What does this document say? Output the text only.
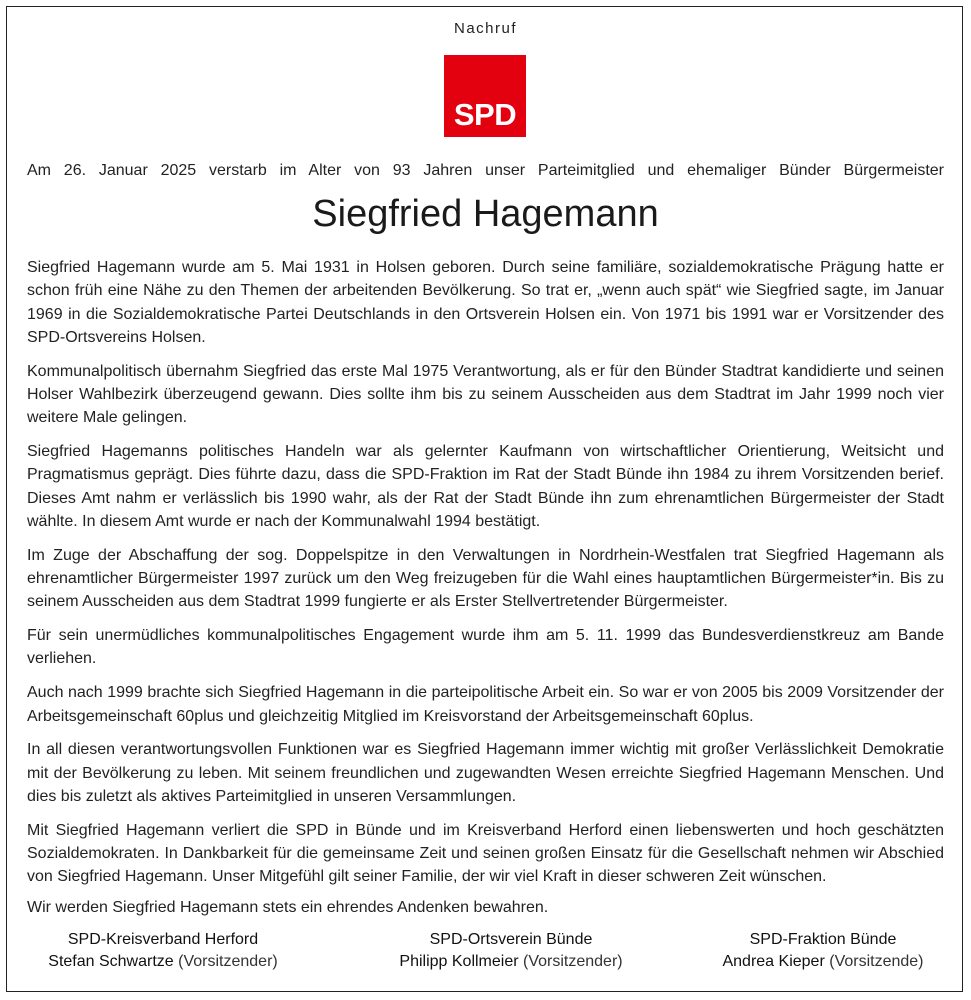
Nachruf
SPD
Am 26. Januar 2025 verstarb im Alter von 93 Jahren unser Parteimitglied und ehemaliger Bünder Bürgermeister
Siegfried Hagemann

Siegfried Hagemann wurde am 5. Mai 1931 in Holsen geboren. Durch seine familiäre, sozialdemokratische Prägung hatte er schon früh eine Nähe zu den Themen der arbeitenden Bevölkerung. So trat er, „wenn auch spät“ wie Siegfried sagte, im Januar 1969 in die Sozialdemokratische Partei Deutschlands in den Ortsverein Holsen ein. Von 1971 bis 1991 war er Vorsitzender des SPD-Ortsvereins Holsen.

Kommunalpolitisch übernahm Siegfried das erste Mal 1975 Verantwortung, als er für den Bünder Stadtrat kandidierte und seinen Holser Wahlbezirk überzeugend gewann. Dies sollte ihm bis zu seinem Ausscheiden aus dem Stadtrat im Jahr 1999 noch vier weitere Male gelingen.

Siegfried Hagemanns politisches Handeln war als gelernter Kaufmann von wirtschaftlicher Orientierung, Weitsicht und Pragmatismus geprägt. Dies führte dazu, dass die SPD-Fraktion im Rat der Stadt Bünde ihn 1984 zu ihrem Vorsitzenden berief. Dieses Amt nahm er verlässlich bis 1990 wahr, als der Rat der Stadt Bünde ihn zum ehrenamtlichen Bürgermeister der Stadt wählte. In diesem Amt wurde er nach der Kommunalwahl 1994 bestätigt.

Im Zuge der Abschaffung der sog. Doppelspitze in den Verwaltungen in Nordrhein-Westfalen trat Siegfried Hagemann als ehrenamtlicher Bürgermeister 1997 zurück um den Weg freizugeben für die Wahl eines hauptamtlichen Bürgermeister*in. Bis zu seinem Ausscheiden aus dem Stadtrat 1999 fungierte er als Erster Stellvertretender Bürgermeister.

Für sein unermüdliches kommunalpolitisches Engagement wurde ihm am 5. 11. 1999 das Bundesverdienstkreuz am Bande verliehen.

Auch nach 1999 brachte sich Siegfried Hagemann in die parteipolitische Arbeit ein. So war er von 2005 bis 2009 Vorsitzender der Arbeitsgemeinschaft 60plus und gleichzeitig Mitglied im Kreisvorstand der Arbeitsgemeinschaft 60plus.

In all diesen verantwortungsvollen Funktionen war es Siegfried Hagemann immer wichtig mit großer Verlässlichkeit Demokratie mit der Bevölkerung zu leben. Mit seinem freundlichen und zugewandten Wesen erreichte Siegfried Hagemann Menschen. Und dies bis zuletzt als aktives Parteimitglied in unseren Versammlungen.

Mit Siegfried Hagemann verliert die SPD in Bünde und im Kreisverband Herford einen liebenswerten und hoch geschätzten Sozialdemokraten. In Dankbarkeit für die gemeinsame Zeit und seinen großen Einsatz für die Gesellschaft nehmen wir Abschied von Siegfried Hagemann. Unser Mitgefühl gilt seiner Familie, der wir viel Kraft in dieser schweren Zeit wünschen.

Wir werden Siegfried Hagemann stets ein ehrendes Andenken bewahren.
SPD-Kreisverband Herford
Stefan Schwartze (Vorsitzender)
SPD-Ortsverein Bünde
Philipp Kollmeier (Vorsitzender)
SPD-Fraktion Bünde
Andrea Kieper (Vorsitzende)
